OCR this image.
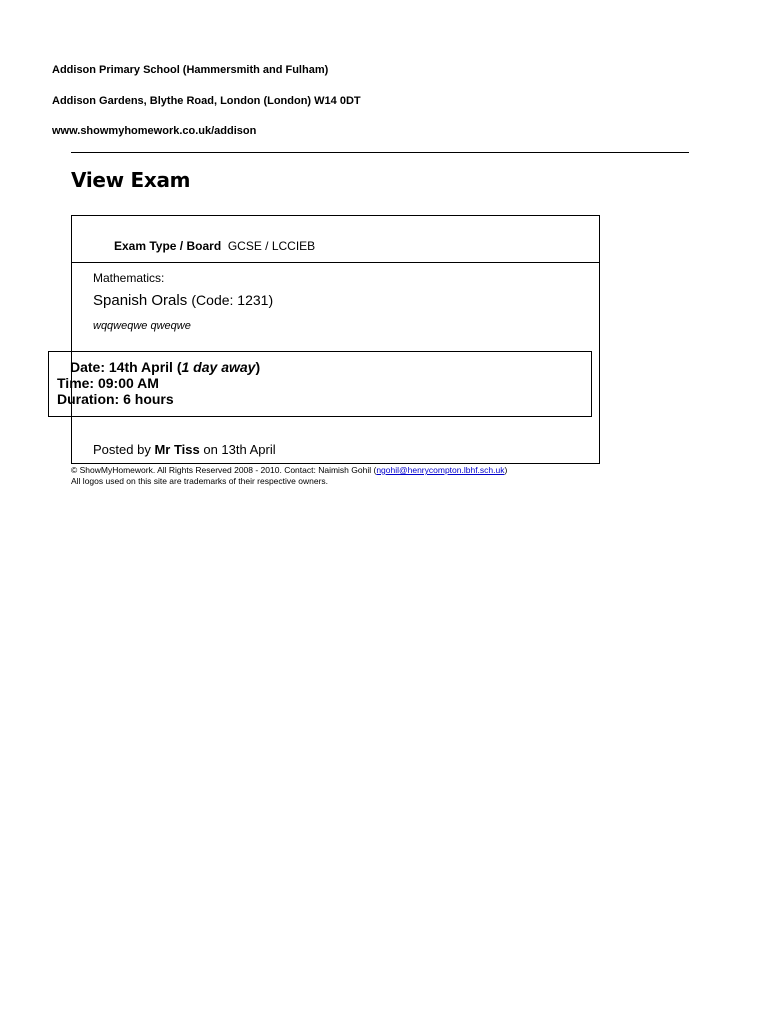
Addison Primary School (Hammersmith and Fulham)
Addison Gardens, Blythe Road, London (London) W14 0DT
www.showmyhomework.co.uk/addison
View Exam
Exam Type / Board GCSE / LCCIEB
Mathematics:
Spanish Orals (Code: 1231)
wqqweqwe qweqwe
Posted by Mr Tiss on 13th April
Date: 14th April (1 day away)
Time: 09:00 AM
Duration: 6 hours
© ShowMyHomework. All Rights Reserved 2008 - 2010. Contact: Naimish Gohil (ngohil@henrycompton.lbhf.sch.uk)
All logos used on this site are trademarks of their respective owners.
